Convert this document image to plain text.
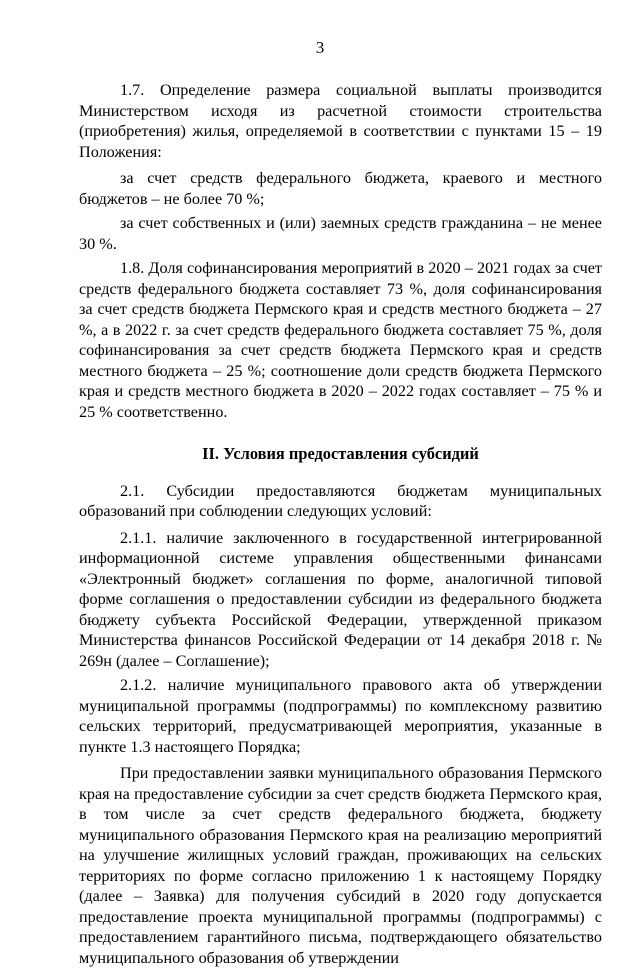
3

1.7. Определение размера социальной выплаты производится Министерством исходя из расчетной стоимости строительства (приобретения) жилья, определяемой в соответствии с пунктами 15 – 19 Положения:

за счет средств федерального бюджета, краевого и местного бюджетов – не более 70 %;

за счет собственных и (или) заемных средств гражданина – не менее 30 %.

1.8. Доля софинансирования мероприятий в 2020 – 2021 годах за счет средств федерального бюджета составляет 73 %, доля софинансирования за счет средств бюджета Пермского края и средств местного бюджета – 27 %, а в 2022 г. за счет средств федерального бюджета составляет 75 %, доля софинансирования за счет средств бюджета Пермского края и средств местного бюджета – 25 %; соотношение доли средств бюджета Пермского края и средств местного бюджета в 2020 – 2022 годах составляет – 75 % и 25 % соответственно.

II. Условия предоставления субсидий

2.1. Субсидии предоставляются бюджетам муниципальных образований при соблюдении следующих условий:

2.1.1. наличие заключенного в государственной интегрированной информационной системе управления общественными финансами «Электронный бюджет» соглашения по форме, аналогичной типовой форме соглашения о предоставлении субсидии из федерального бюджета бюджету субъекта Российской Федерации, утвержденной приказом Министерства финансов Российской Федерации от 14 декабря 2018 г. № 269н (далее – Соглашение);

2.1.2. наличие муниципального правового акта об утверждении муниципальной программы (подпрограммы) по комплексному развитию сельских территорий, предусматривающей мероприятия, указанные в пункте 1.3 настоящего Порядка;

При предоставлении заявки муниципального образования Пермского края на предоставление субсидии за счет средств бюджета Пермского края, в том числе за счет средств федерального бюджета, бюджету муниципального образования Пермского края на реализацию мероприятий на улучшение жилищных условий граждан, проживающих на сельских территориях по форме согласно приложению 1 к настоящему Порядку (далее – Заявка) для получения субсидий в 2020 году допускается предоставление проекта муниципальной программы (подпрограммы) с предоставлением гарантийного письма, подтверждающего обязательство муниципального образования об утверждении
